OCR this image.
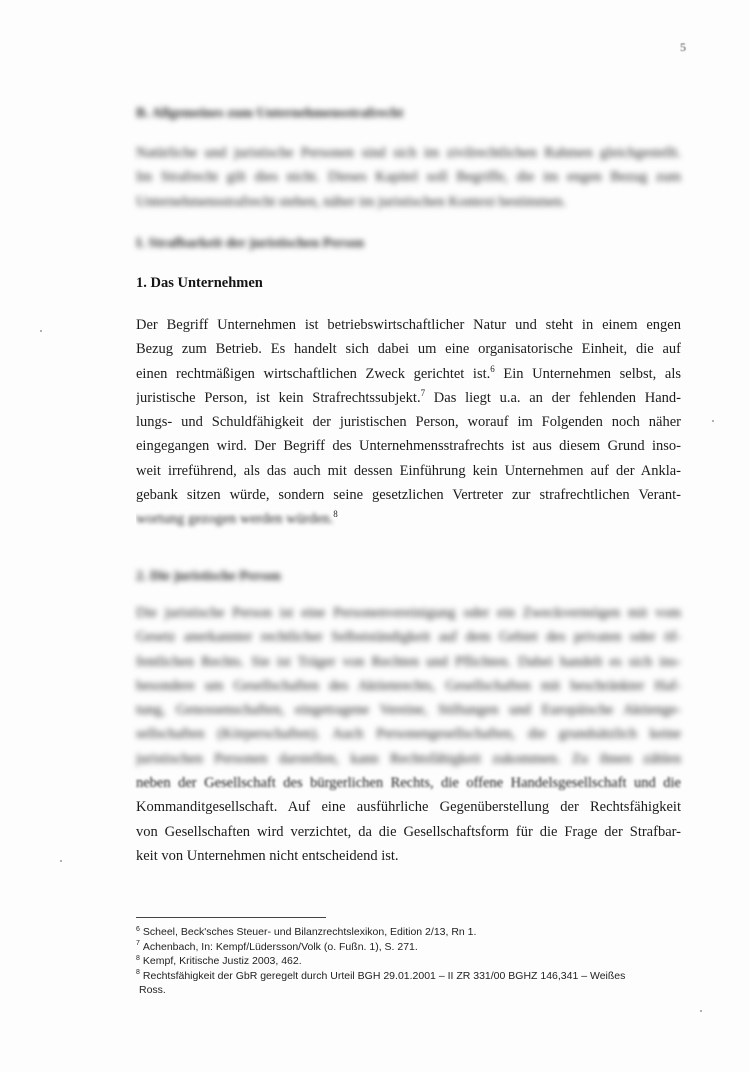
5
B. Allgemeines zum Unternehmensstrafrecht
Natürliche und juristische Personen sind sich im zivilrechtlichen Rahmen gleichgestellt.
Im Strafrecht gilt dies nicht. Dieses Kapitel soll Begriffe, die im engen Bezug zum
Unternehmensstrafrecht stehen, näher im juristischen Kontext bestimmen.
I. Strafbarkeit der juristischen Person
1. Das Unternehmen
Der Begriff Unternehmen ist betriebswirtschaftlicher Natur und steht in einem engen
Bezug zum Betrieb. Es handelt sich dabei um eine organisatorische Einheit, die auf
einen rechtmäßigen wirtschaftlichen Zweck gerichtet ist.$^6$ Ein Unternehmen selbst, als
juristische Person, ist kein Strafrechtssubjekt.$^7$ Das liegt u.a. an der fehlenden Hand-
lungs- und Schuldfähigkeit der juristischen Person, worauf im Folgenden noch näher
eingegangen wird. Der Begriff des Unternehmensstrafrechts ist aus diesem Grund inso-
weit irreführend, als das auch mit dessen Einführung kein Unternehmen auf der Ankla-
gebank sitzen würde, sondern seine gesetzlichen Vertreter zur strafrechtlichen Verant-
wortung gezogen werden würden.$^8$
2. Die juristische Person
Die juristische Person ist eine Personenvereinigung oder ein Zweckvermögen mit vom
Gesetz anerkannter rechtlicher Selbstständigkeit auf dem Gebiet des privaten oder öf-
fentlichen Rechts. Sie ist Träger von Rechten und Pflichten. Dabei handelt es sich ins-
besondere um Gesellschaften des Aktienrechts, Gesellschaften mit beschränkter Haf-
tung, Genossenschaften, eingetragene Vereine, Stiftungen und Europäische Aktienge-
sellschaften (Körperschaften). Auch Personengesellschaften, die grundsätzlich keine
juristischen Personen darstellen, kann Rechtsfähigkeit zukommen. Zu ihnen zählen
neben der Gesellschaft des bürgerlichen Rechts, die offene Handelsgesellschaft und die
Kommanditgesellschaft. Auf eine ausführliche Gegenüberstellung der Rechtsfähigkeit
von Gesellschaften wird verzichtet, da die Gesellschaftsform für die Frage der Strafbar-
keit von Unternehmen nicht entscheidend ist.
$^6$ Scheel, Beck'sches Steuer- und Bilanzrechtslexikon, Edition 2/13, Rn 1.
$^7$ Achenbach, In: Kempf/Lüdersson/Volk (o. Fußn. 1), S. 271.
$^8$ Kempf, Kritische Justiz 2003, 462.
$^8$ Rechtsfähigkeit der GbR geregelt durch Urteil BGH 29.01.2001 – II ZR 331/00 BGHZ 146,341 – Weißes
Ross.
